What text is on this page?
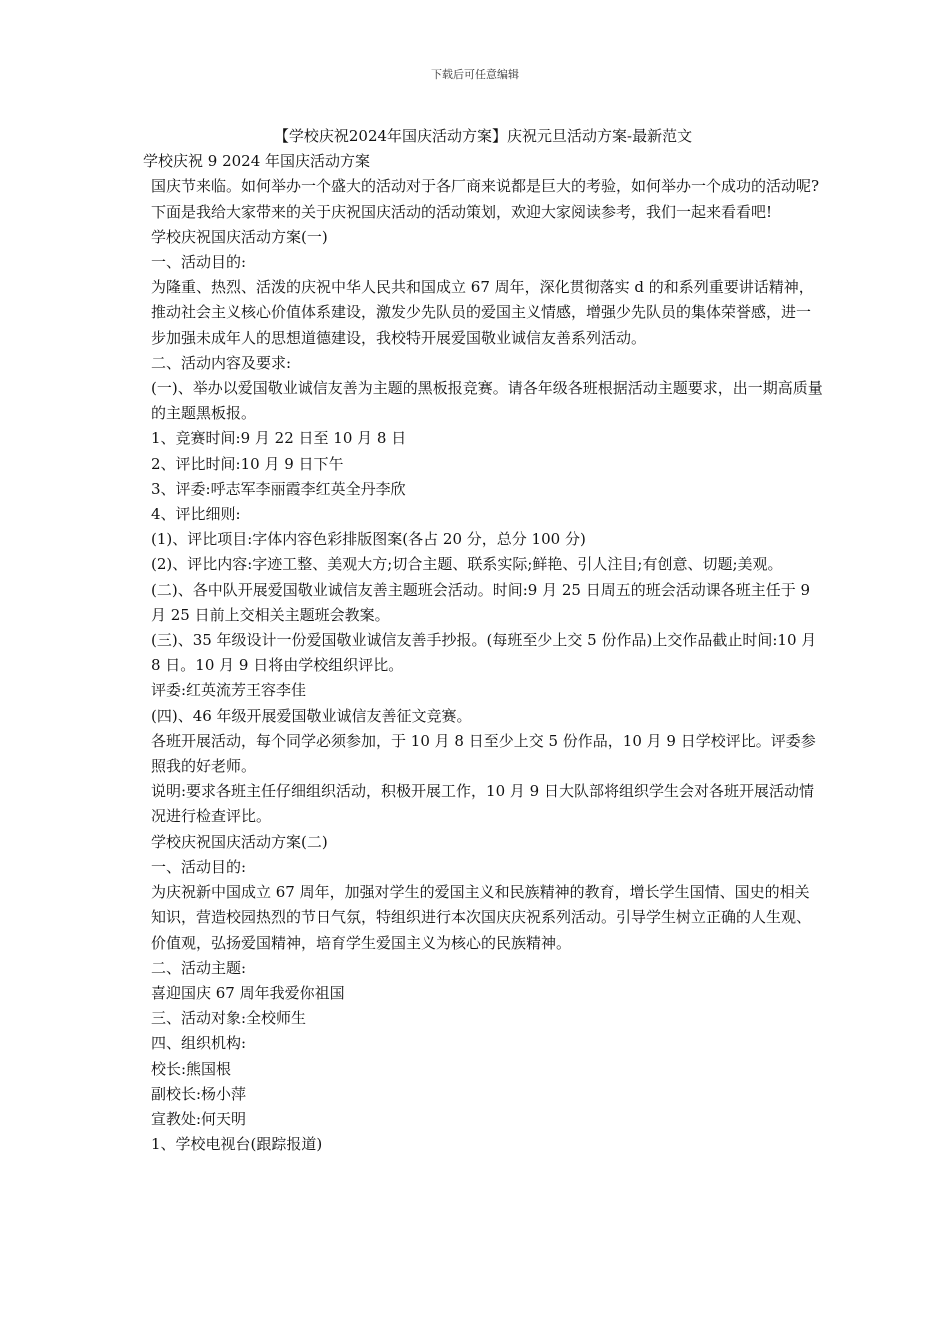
下载后可任意编辑

【学校庆祝2024年国庆活动方案】庆祝元旦活动方案-最新范文

学校庆祝 9 2024 年国庆活动方案

国庆节来临。如何举办一个盛大的活动对于各厂商来说都是巨大的考验，如何举办一个成功的活动呢?下面是我给大家带来的关于庆祝国庆活动的活动策划，欢迎大家阅读参考，我们一起来看看吧!

学校庆祝国庆活动方案(一)

一、活动目的:

为隆重、热烈、活泼的庆祝中华人民共和国成立 67 周年，深化贯彻落实 d 的和系列重要讲话精神，推动社会主义核心价值体系建设，激发少先队员的爱国主义情感，增强少先队员的集体荣誉感，进一步加强未成年人的思想道德建设，我校特开展爱国敬业诚信友善系列活动。

二、活动内容及要求:

(一)、举办以爱国敬业诚信友善为主题的黑板报竞赛。请各年级各班根据活动主题要求，出一期高质量的主题黑板报。

1、竞赛时间:9 月 22 日至 10 月 8 日

2、评比时间:10 月 9 日下午

3、评委:呼志军李丽霞李红英全丹李欣

4、评比细则:

(1)、评比项目:字体内容色彩排版图案(各占 20 分，总分 100 分)

(2)、评比内容:字迹工整、美观大方;切合主题、联系实际;鲜艳、引人注目;有创意、切题;美观。

(二)、各中队开展爱国敬业诚信友善主题班会活动。时间:9 月 25 日周五的班会活动课各班主任于 9 月 25 日前上交相关主题班会教案。

(三)、35 年级设计一份爱国敬业诚信友善手抄报。(每班至少上交 5 份作品)上交作品截止时间:10 月 8 日。10 月 9 日将由学校组织评比。

评委:红英流芳王容李佳

(四)、46 年级开展爱国敬业诚信友善征文竞赛。

各班开展活动，每个同学必须参加，于 10 月 8 日至少上交 5 份作品，10 月 9 日学校评比。评委参照我的好老师。

说明:要求各班主任仔细组织活动，积极开展工作，10 月 9 日大队部将组织学生会对各班开展活动情况进行检查评比。

学校庆祝国庆活动方案(二)

一、活动目的:

为庆祝新中国成立 67 周年，加强对学生的爱国主义和民族精神的教育，增长学生国情、国史的相关知识，营造校园热烈的节日气氛，特组织进行本次国庆庆祝系列活动。引导学生树立正确的人生观、价值观，弘扬爱国精神，培育学生爱国主义为核心的民族精神。

二、活动主题:

喜迎国庆 67 周年我爱你祖国

三、活动对象:全校师生

四、组织机构:

校长:熊国根

副校长:杨小萍

宣教处:何天明

1、学校电视台(跟踪报道)
